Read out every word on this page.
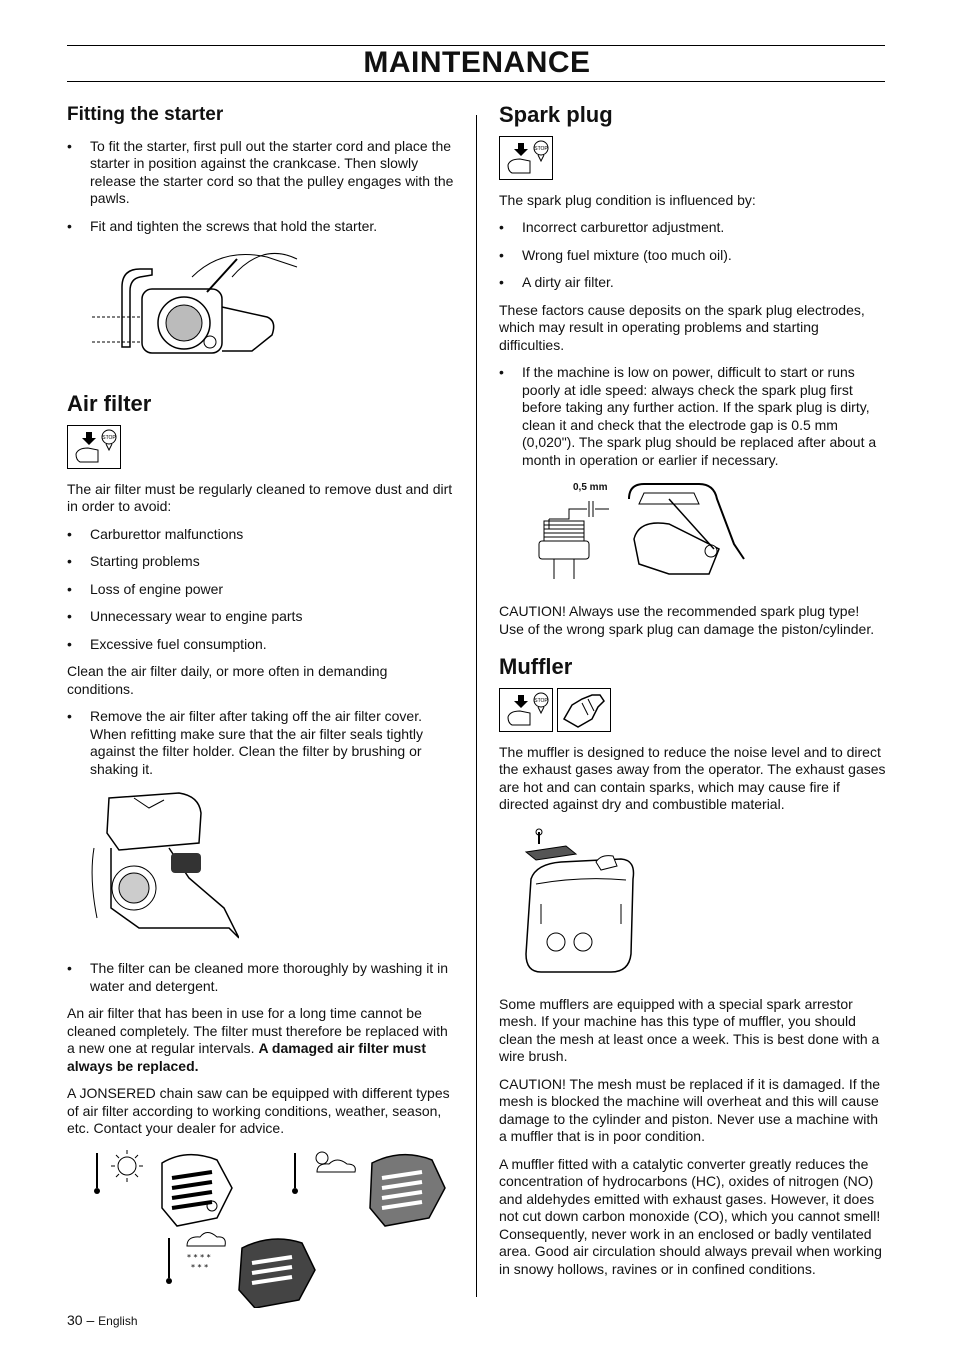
MAINTENANCE
Fitting the starter
• To fit the starter, first pull out the starter cord and place the starter in position against the crankcase. Then slowly release the starter cord so that the pulley engages with the pawls.
• Fit and tighten the screws that hold the starter.
Air filter
STOP

The air filter must be regularly cleaned to remove dust and dirt in order to avoid:

• Carburettor malfunctions
• Starting problems
• Loss of engine power
• Unnecessary wear to engine parts
• Excessive fuel consumption.

Clean the air filter daily, or more often in demanding conditions.

• Remove the air filter after taking off the air filter cover. When refitting make sure that the air filter seals tightly against the filter holder. Clean the filter by brushing or shaking it.
• The filter can be cleaned more thoroughly by washing it in water and detergent.

An air filter that has been in use for a long time cannot be cleaned completely. The filter must therefore be replaced with a new one at regular intervals. A damaged air filter must always be replaced.

A JONSERED chain saw can be equipped with different types of air filter according to working conditions, weather, season, etc. Contact your dealer for advice.

* * * *
* * *
Spark plug
STOP

The spark plug condition is influenced by:

• Incorrect carburettor adjustment.
• Wrong fuel mixture (too much oil).
• A dirty air filter.

These factors cause deposits on the spark plug electrodes, which may result in operating problems and starting difficulties.

• If the machine is low on power, difficult to start or runs poorly at idle speed: always check the spark plug first before taking any further action. If the spark plug is dirty, clean it and check that the electrode gap is 0.5 mm (0,020"). The spark plug should be replaced after about a month in operation or earlier if necessary.
0,5 mm

CAUTION! Always use the recommended spark plug type! Use of the wrong spark plug can damage the piston/cylinder.

Muffler
STOP

The muffler is designed to reduce the noise level and to direct the exhaust gases away from the operator. The exhaust gases are hot and can contain sparks, which may cause fire if directed against dry and combustible material.

Some mufflers are equipped with a special spark arrestor mesh. If your machine has this type of muffler, you should clean the mesh at least once a week. This is best done with a wire brush.

CAUTION! The mesh must be replaced if it is damaged. If the mesh is blocked the machine will overheat and this will cause damage to the cylinder and piston. Never use a machine with a muffler that is in poor condition.

A muffler fitted with a catalytic converter greatly reduces the concentration of hydrocarbons (HC), oxides of nitrogen (NO) and aldehydes emitted with exhaust gases. However, it does not cut down carbon monoxide (CO), which you cannot smell! Consequently, never work in an enclosed or badly ventilated area. Good air circulation should always prevail when working in snowy hollows, ravines or in confined conditions.

30 – English
